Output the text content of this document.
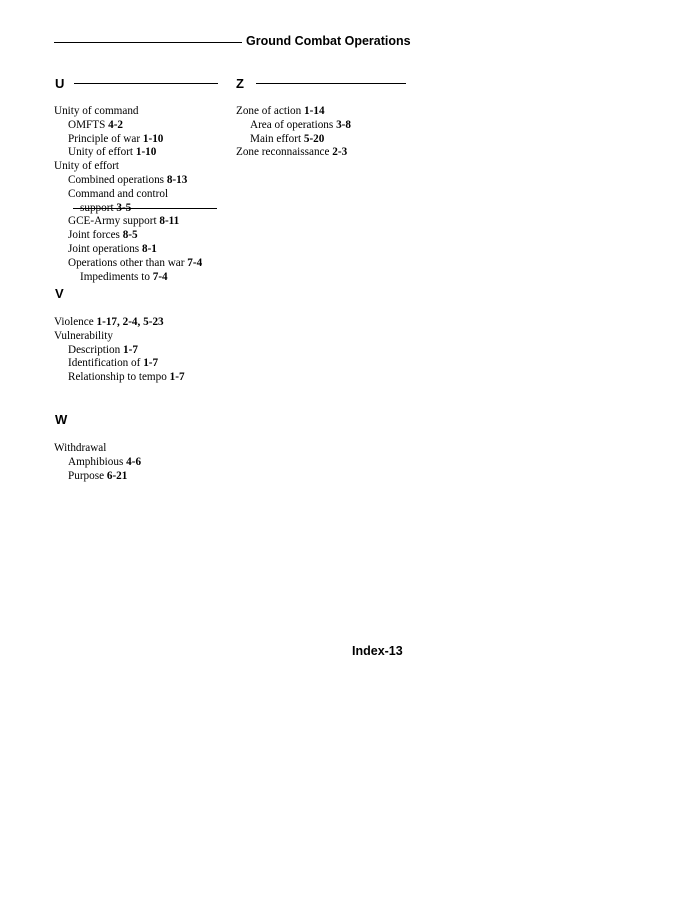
Ground Combat Operations
U
Unity of command
OMFTS 4-2
Principle of war 1-10
Unity of effort 1-10
Unity of effort
Combined operations 8-13
Command and control
support 3-5
GCE-Army support 8-11
Joint forces 8-5
Joint operations 8-1
Operations other than war 7-4
Impediments to 7-4
V
Violence 1-17, 2-4, 5-23
Vulnerability
Description 1-7
Identification of 1-7
Relationship to tempo 1-7
W
Withdrawal
Amphibious 4-6
Purpose 6-21
Z
Zone of action 1-14
Area of operations 3-8
Main effort 5-20
Zone reconnaissance 2-3
Index-13
